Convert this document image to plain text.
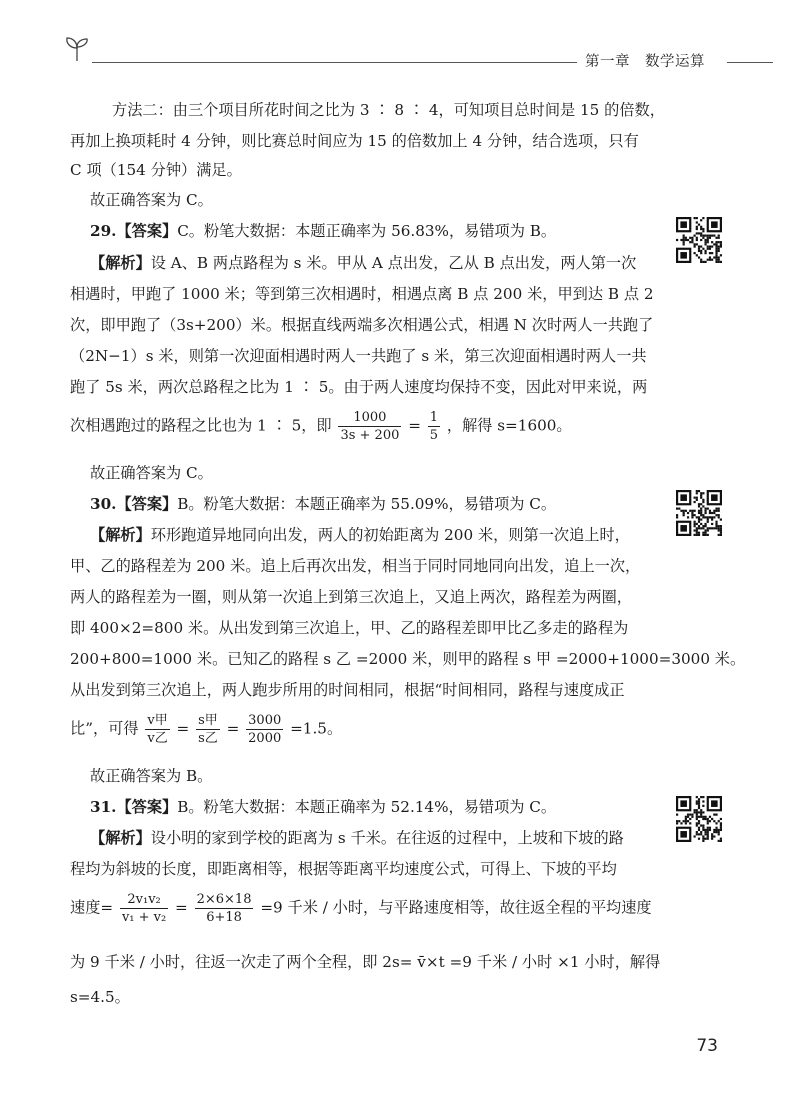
第一章　数学运算
方法二：由三个项目所花时间之比为 3 ∶ 8 ∶ 4，可知项目总时间是 15 的倍数，
再加上换项耗时 4 分钟，则比赛总时间应为 15 的倍数加上 4 分钟，结合选项，只有
C 项（154 分钟）满足。
故正确答案为 C。
29.【答案】C。粉笔大数据：本题正确率为 56.83%，易错项为 B。
【解析】设 A、B 两点路程为 s 米。甲从 A 点出发，乙从 B 点出发，两人第一次
相遇时，甲跑了 1000 米；等到第三次相遇时，相遇点离 B 点 200 米，甲到达 B 点 2
次，即甲跑了（3s+200）米。根据直线两端多次相遇公式，相遇 N 次时两人一共跑了
（2N−1）s 米，则第一次迎面相遇时两人一共跑了 s 米，第三次迎面相遇时两人一共
跑了 5s 米，两次总路程之比为 1 ∶ 5。由于两人速度均保持不变，因此对甲来说，两
次相遇跑过的路程之比也为 1 ∶ 5，即 $\frac{1000}{3s + 200} = \frac{1}{5}$ ，解得 s=1600。
故正确答案为 C。
30.【答案】B。粉笔大数据：本题正确率为 55.09%，易错项为 C。
【解析】环形跑道异地同向出发，两人的初始距离为 200 米，则第一次追上时，
甲、乙的路程差为 200 米。追上后再次出发，相当于同时同地同向出发，追上一次，
两人的路程差为一圈，则从第一次追上到第三次追上，又追上两次，路程差为两圈，
即 400×2=800 米。从出发到第三次追上，甲、乙的路程差即甲比乙多走的路程为
200+800=1000 米。已知乙的路程 s 乙 =2000 米，则甲的路程 s 甲 =2000+1000=3000 米。
从出发到第三次追上，两人跑步所用的时间相同，根据“时间相同，路程与速度成正
比”，可得 $\frac{\text{v甲}}{\text{v乙}} = \frac{\text{s甲}}{\text{s乙}} = \frac{3000}{2000} =1.5$。
故正确答案为 B。
31.【答案】B。粉笔大数据：本题正确率为 52.14%，易错项为 C。
【解析】设小明的家到学校的距离为 s 千米。在往返的过程中，上坡和下坡的路
程均为斜坡的长度，即距离相等，根据等距离平均速度公式，可得上、下坡的平均
速度= $\frac{\text{2v₁v₂}}{\text{v₁ + v₂}} = \frac{2\times 6\times 18}{6+18} =9$ 千米 / 小时，与平路速度相等，故往返全程的平均速度
为 9 千米 / 小时，往返一次走了两个全程，即 2s= v̄×t =9 千米 / 小时 ×1 小时，解得
s=4.5。
73
